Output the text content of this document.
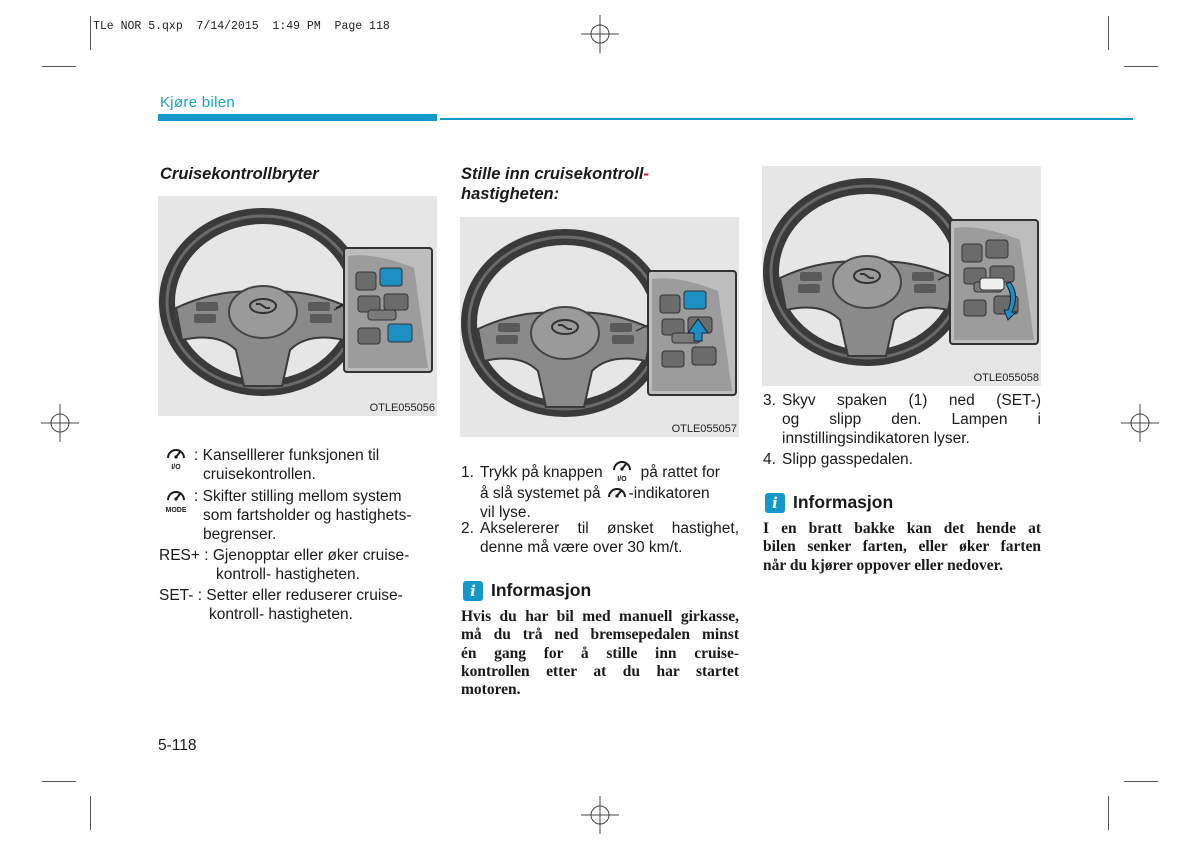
TLe NOR 5.qxp  7/14/2015  1:49 PM  Page 118
Kjøre bilen
Cruisekontrollbryter
OTLE055056
I/O
: Kanselllerer funksjonen til
cruisekontrollen.
MODE
: Skifter stilling mellom system
som fartsholder og hastighets-
begrenser.
RES+ : Gjenopptar eller øker cruise-
kontroll- hastigheten.
SET- : Setter eller reduserer cruise-
kontroll- hastigheten.
Stille inn cruisekontroll-
hastigheten:
OTLE055057
1. Trykk på knappen I/O på rattet for
å slå systemet på -indikatoren
vil lyse.
2. Akselererer til ønsket hastighet,
denne må være over 30 km/t.
i Informasjon
Hvis du har bil med manuell girkasse,
må du trå ned bremsepedalen minst
én gang for å stille inn cruise-
kontrollen etter at du har startet
motoren.
OTLE055058
3. Skyv spaken (1) ned (SET-)
og slipp den. Lampen i
innstillingsindikatoren lyser.
4. Slipp gasspedalen.
i Informasjon
I en bratt bakke kan det hende at
bilen senker farten, eller øker farten
når du kjører oppover eller nedover.
5-118
